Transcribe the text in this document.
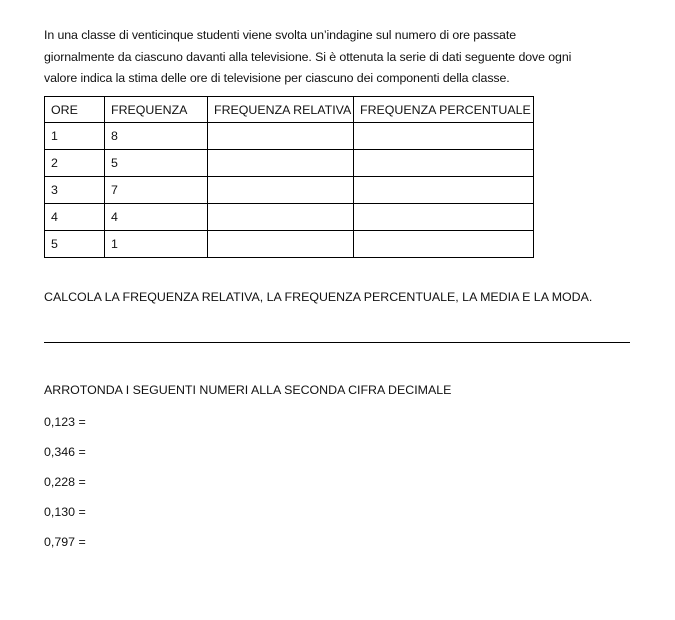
In una classe di venticinque studenti viene svolta un’indagine sul numero di ore passate
giornalmente da ciascuno davanti alla televisione. Si è ottenuta la serie di dati seguente dove ogni
valore indica la stima delle ore di televisione per ciascuno dei componenti della classe.
ORE	FREQUENZA	FREQUENZA RELATIVA	FREQUENZA PERCENTUALE
1	8		
2	5		
3	7		
4	4		
5	1		
CALCOLA LA FREQUENZA RELATIVA, LA FREQUENZA PERCENTUALE, LA MEDIA E LA MODA.
ARROTONDA I SEGUENTI NUMERI ALLA SECONDA CIFRA DECIMALE
0,123 =
0,346 =
0,228 =
0,130 =
0,797 =
